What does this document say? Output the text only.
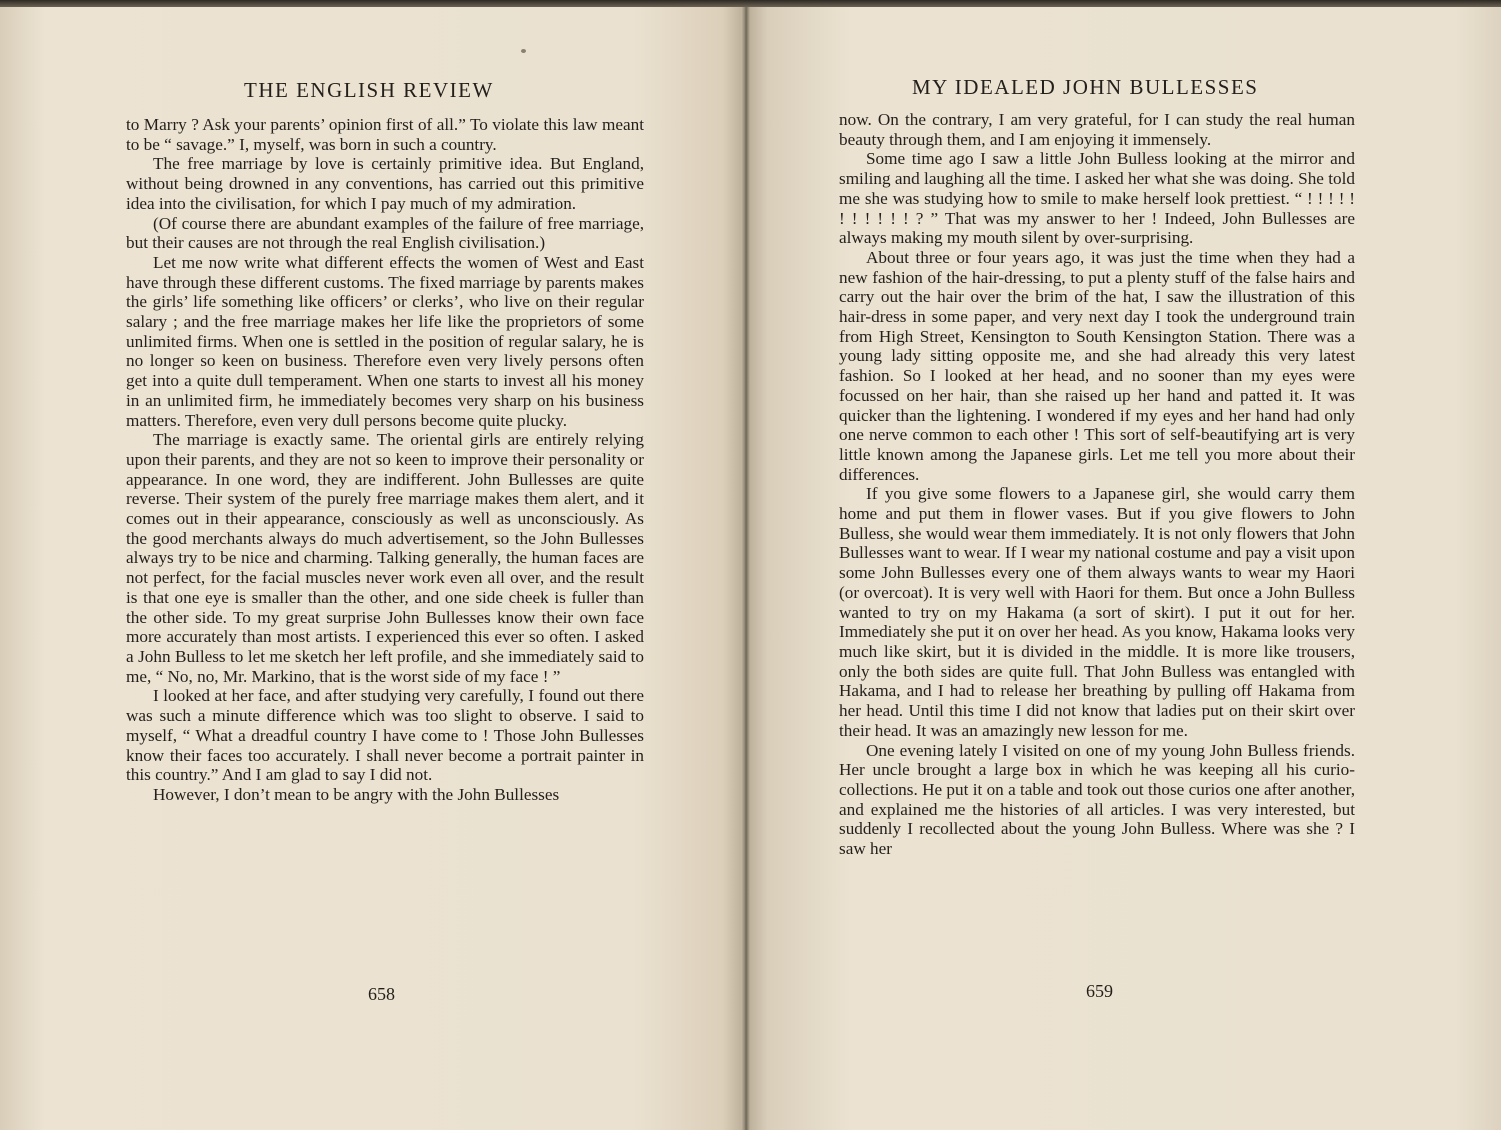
THE ENGLISH REVIEW

to Marry ? Ask your parents’ opinion first of all.” To violate this law meant to be “ savage.” I, myself, was born in such a country.

The free marriage by love is certainly primitive idea. But England, without being drowned in any conventions, has carried out this primitive idea into the civilisation, for which I pay much of my admiration.

(Of course there are abundant examples of the failure of free marriage, but their causes are not through the real English civilisation.)

Let me now write what different effects the women of West and East have through these different customs. The fixed marriage by parents makes the girls’ life something like officers’ or clerks’, who live on their regular salary ; and the free marriage makes her life like the proprietors of some unlimited firms. When one is settled in the position of regular salary, he is no longer so keen on business. Therefore even very lively persons often get into a quite dull temperament. When one starts to invest all his money in an unlimited firm, he immediately becomes very sharp on his business matters. Therefore, even very dull persons become quite plucky.

The marriage is exactly same. The oriental girls are entirely relying upon their parents, and they are not so keen to improve their personality or appearance. In one word, they are indifferent. John Bullesses are quite reverse. Their system of the purely free marriage makes them alert, and it comes out in their appearance, consciously as well as unconsciously. As the good merchants always do much advertisement, so the John Bullesses always try to be nice and charming. Talking generally, the human faces are not perfect, for the facial muscles never work even all over, and the result is that one eye is smaller than the other, and one side cheek is fuller than the other side. To my great surprise John Bullesses know their own face more accurately than most artists. I experienced this ever so often. I asked a John Bulless to let me sketch her left profile, and she immediately said to me, “ No, no, Mr. Markino, that is the worst side of my face ! ”

I looked at her face, and after studying very carefully, I found out there was such a minute difference which was too slight to observe. I said to myself, “ What a dreadful country I have come to ! Those John Bullesses know their faces too accurately. I shall never become a portrait painter in this country.” And I am glad to say I did not.

However, I don’t mean to be angry with the John Bullesses

658
MY IDEALED JOHN BULLESSES

now. On the contrary, I am very grateful, for I can study the real human beauty through them, and I am enjoying it immensely.

Some time ago I saw a little John Bulless looking at the mirror and smiling and laughing all the time. I asked her what she was doing. She told me she was studying how to smile to make herself look prettiest. “ ! ! ! ! ! ! ! ! ! ! ! ? ” That was my answer to her ! Indeed, John Bullesses are always making my mouth silent by over-surprising.

About three or four years ago, it was just the time when they had a new fashion of the hair-dressing, to put a plenty stuff of the false hairs and carry out the hair over the brim of the hat, I saw the illustration of this hair-dress in some paper, and very next day I took the underground train from High Street, Kensington to South Kensington Station. There was a young lady sitting opposite me, and she had already this very latest fashion. So I looked at her head, and no sooner than my eyes were focussed on her hair, than she raised up her hand and patted it. It was quicker than the lightening. I wondered if my eyes and her hand had only one nerve common to each other ! This sort of self-beautifying art is very little known among the Japanese girls. Let me tell you more about their differences.

If you give some flowers to a Japanese girl, she would carry them home and put them in flower vases. But if you give flowers to John Bulless, she would wear them immediately. It is not only flowers that John Bullesses want to wear. If I wear my national costume and pay a visit upon some John Bullesses every one of them always wants to wear my Haori (or overcoat). It is very well with Haori for them. But once a John Bulless wanted to try on my Hakama (a sort of skirt). I put it out for her. Immediately she put it on over her head. As you know, Hakama looks very much like skirt, but it is divided in the middle. It is more like trousers, only the both sides are quite full. That John Bulless was entangled with Hakama, and I had to release her breathing by pulling off Hakama from her head. Until this time I did not know that ladies put on their skirt over their head. It was an amazingly new lesson for me.

One evening lately I visited on one of my young John Bulless friends. Her uncle brought a large box in which he was keeping all his curio-collections. He put it on a table and took out those curios one after another, and explained me the histories of all articles. I was very interested, but suddenly I recollected about the young John Bulless. Where was she ? I saw her

659
